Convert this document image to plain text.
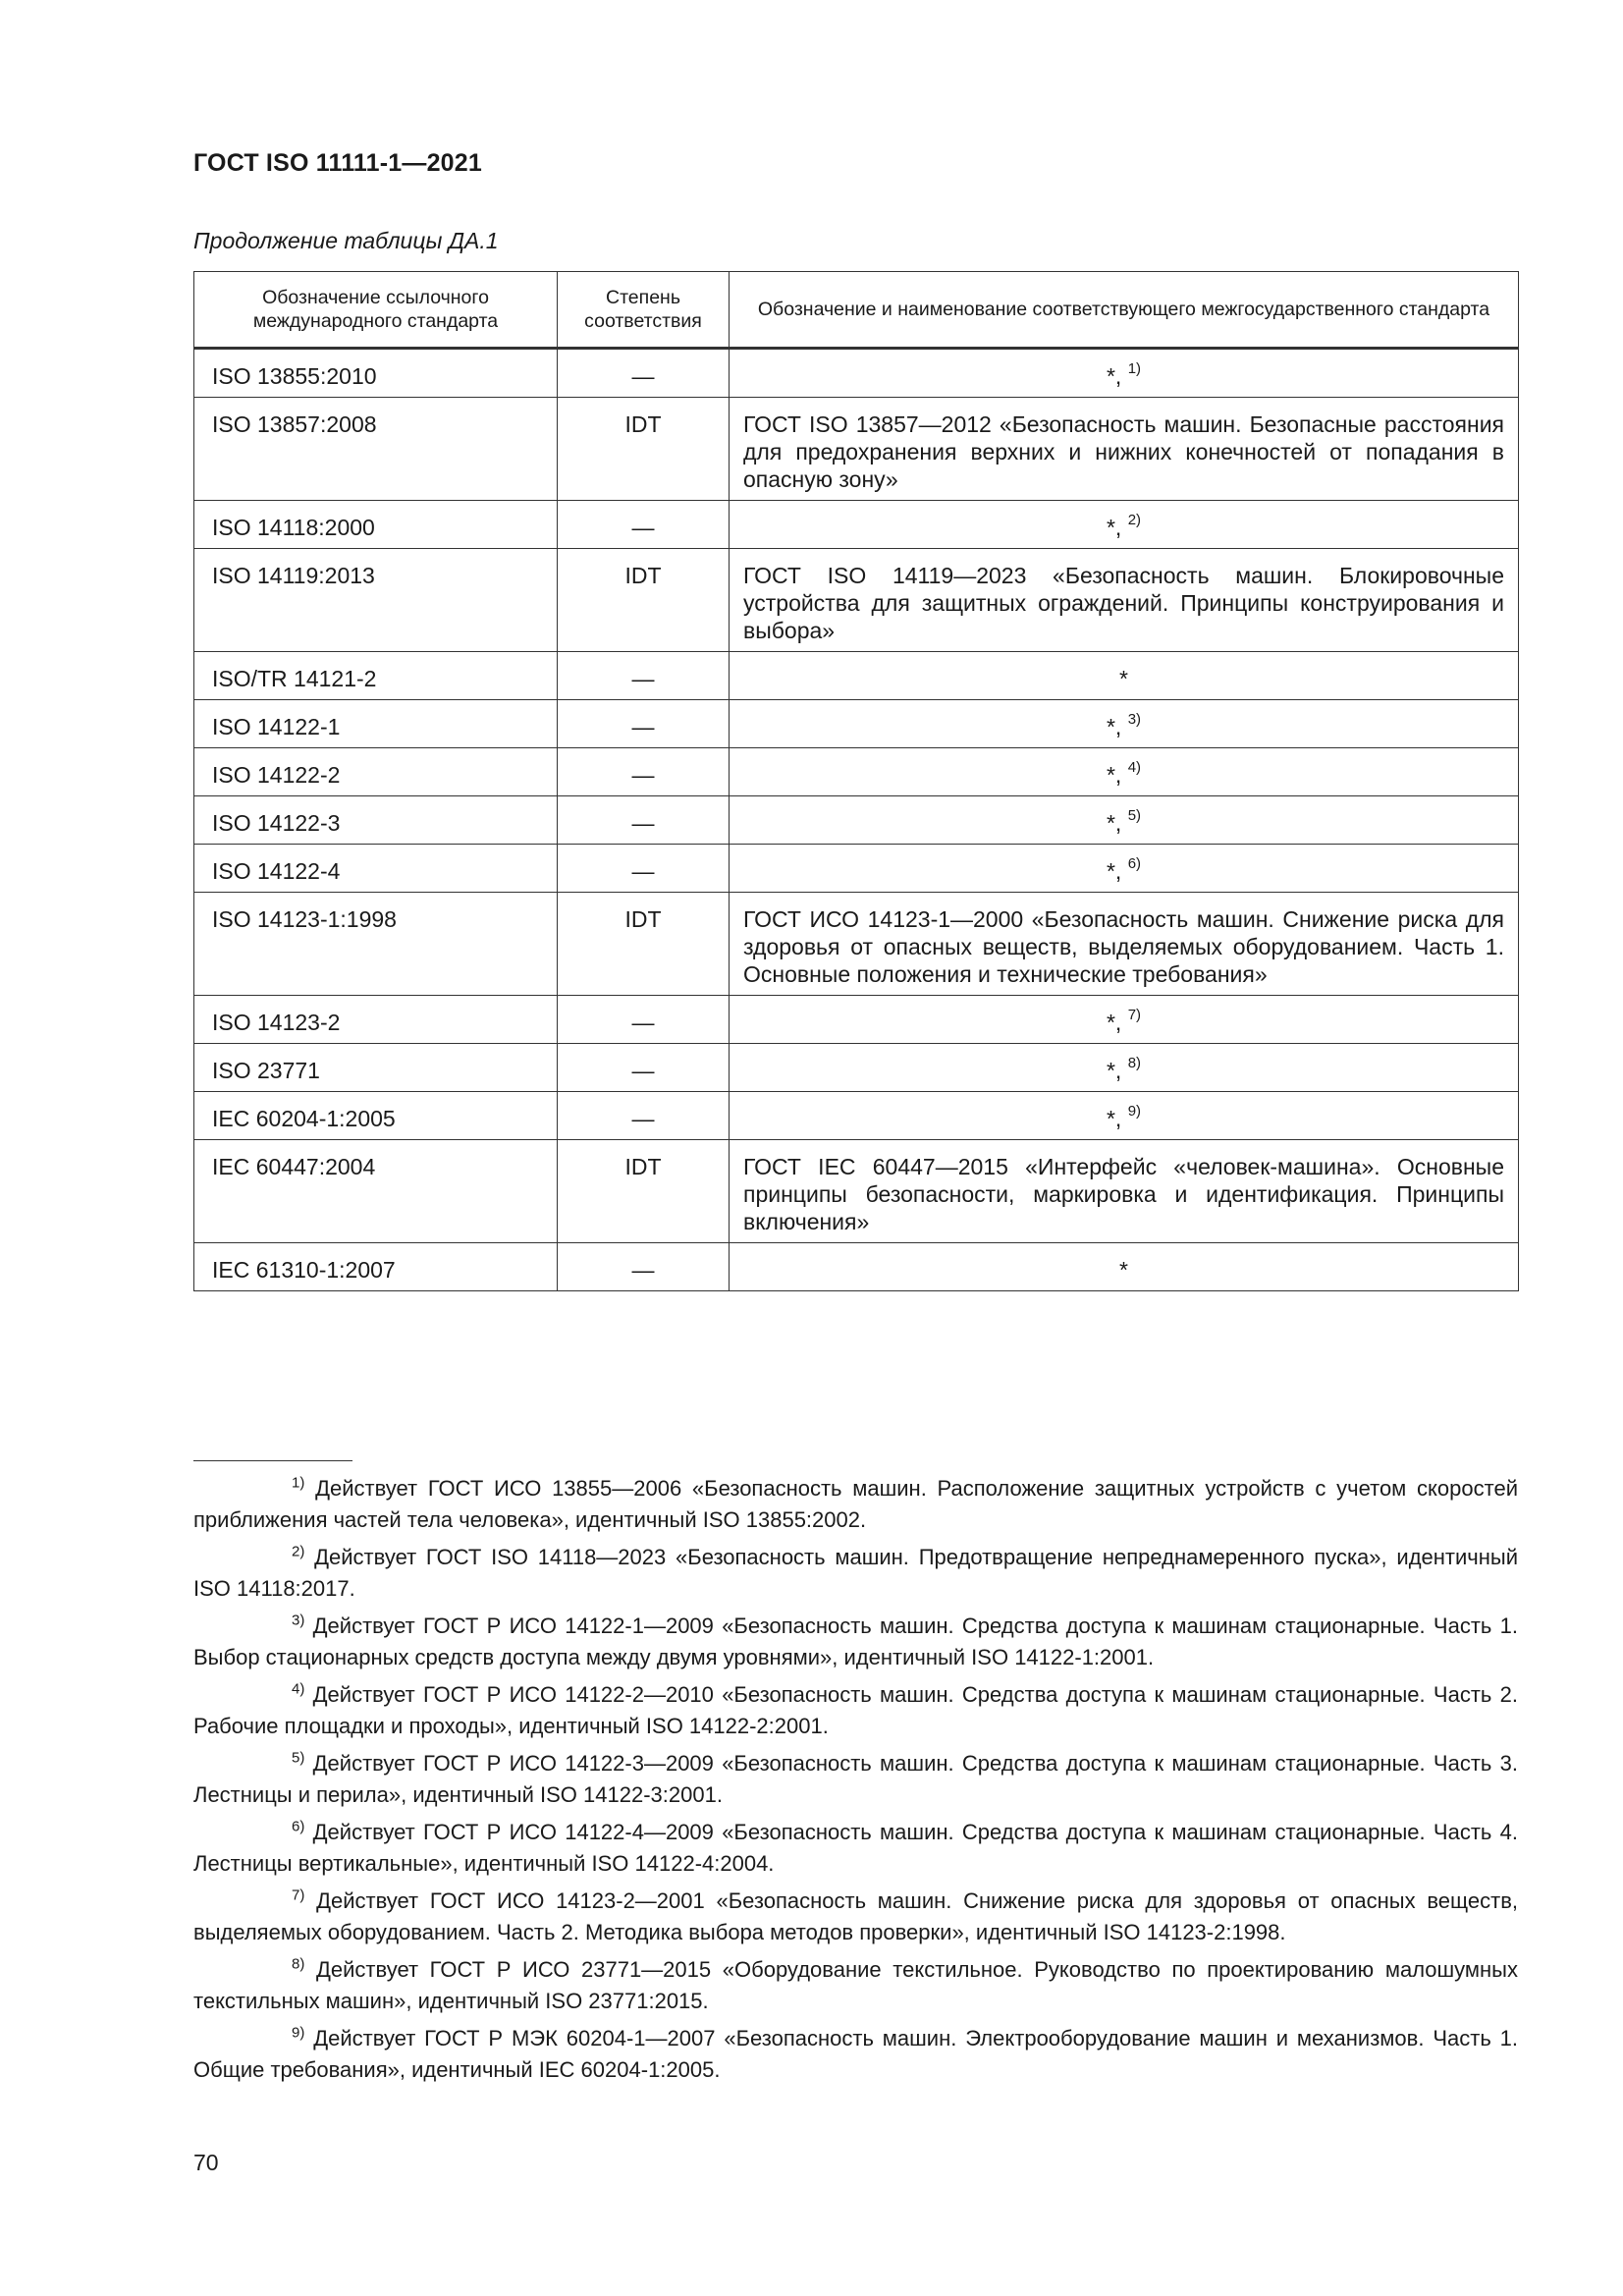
ГОСТ ISO 11111-1—2021
Продолжение таблицы ДА.1
Обозначение ссылочного международного стандарта	Степень соответствия	Обозначение и наименование соответствующего межгосударственного стандарта
ISO 13855:2010	—	*, $^{1)}$
ISO 13857:2008	IDT	ГОСТ ISO 13857—2012 «Безопасность машин. Безопасные расстояния для предохранения верхних и нижних конечностей от попадания в опасную зону»
ISO 14118:2000	—	*, $^{2)}$
ISO 14119:2013	IDT	ГОСТ ISO 14119—2023 «Безопасность машин. Блокировочные устройства для защитных ограждений. Принципы конструирования и выбора»
ISO/TR 14121-2	—	*
ISO 14122-1	—	*, $^{3)}$
ISO 14122-2	—	*, $^{4)}$
ISO 14122-3	—	*, $^{5)}$
ISO 14122-4	—	*, $^{6)}$
ISO 14123-1:1998	IDT	ГОСТ ИСО 14123-1—2000 «Безопасность машин. Снижение риска для здоровья от опасных веществ, выделяемых оборудованием. Часть 1. Основные положения и технические требования»
ISO 14123-2	—	*, $^{7)}$
ISO 23771	—	*, $^{8)}$
IEC 60204-1:2005	—	*, $^{9)}$
IEC 60447:2004	IDT	ГОСТ IEC 60447—2015 «Интерфейс «человек-машина». Основные принципы безопасности, маркировка и идентификация. Принципы включения»
IEC 61310-1:2007	—	*

$^{1)}$ Действует ГОСТ ИСО 13855—2006 «Безопасность машин. Расположение защитных устройств с учетом скоростей приближения частей тела человека», идентичный ISO 13855:2002.

$^{2)}$ Действует ГОСТ ISO 14118—2023 «Безопасность машин. Предотвращение непреднамеренного пуска», идентичный ISO 14118:2017.

$^{3)}$ Действует ГОСТ Р ИСО 14122-1—2009 «Безопасность машин. Средства доступа к машинам стационарные. Часть 1. Выбор стационарных средств доступа между двумя уровнями», идентичный ISO 14122-1:2001.

$^{4)}$ Действует ГОСТ Р ИСО 14122-2—2010 «Безопасность машин. Средства доступа к машинам стационарные. Часть 2. Рабочие площадки и проходы», идентичный ISO 14122-2:2001.

$^{5)}$ Действует ГОСТ Р ИСО 14122-3—2009 «Безопасность машин. Средства доступа к машинам стационарные. Часть 3. Лестницы и перила», идентичный ISO 14122-3:2001.

$^{6)}$ Действует ГОСТ Р ИСО 14122-4—2009 «Безопасность машин. Средства доступа к машинам стационарные. Часть 4. Лестницы вертикальные», идентичный ISO 14122-4:2004.

$^{7)}$ Действует ГОСТ ИСО 14123-2—2001 «Безопасность машин. Снижение риска для здоровья от опасных веществ, выделяемых оборудованием. Часть 2. Методика выбора методов проверки», идентичный ISO 14123-2:1998.

$^{8)}$ Действует ГОСТ Р ИСО 23771—2015 «Оборудование текстильное. Руководство по проектированию малошумных текстильных машин», идентичный ISO 23771:2015.

$^{9)}$ Действует ГОСТ Р МЭК 60204-1—2007 «Безопасность машин. Электрооборудование машин и механизмов. Часть 1. Общие требования», идентичный IEC 60204-1:2005.

70
